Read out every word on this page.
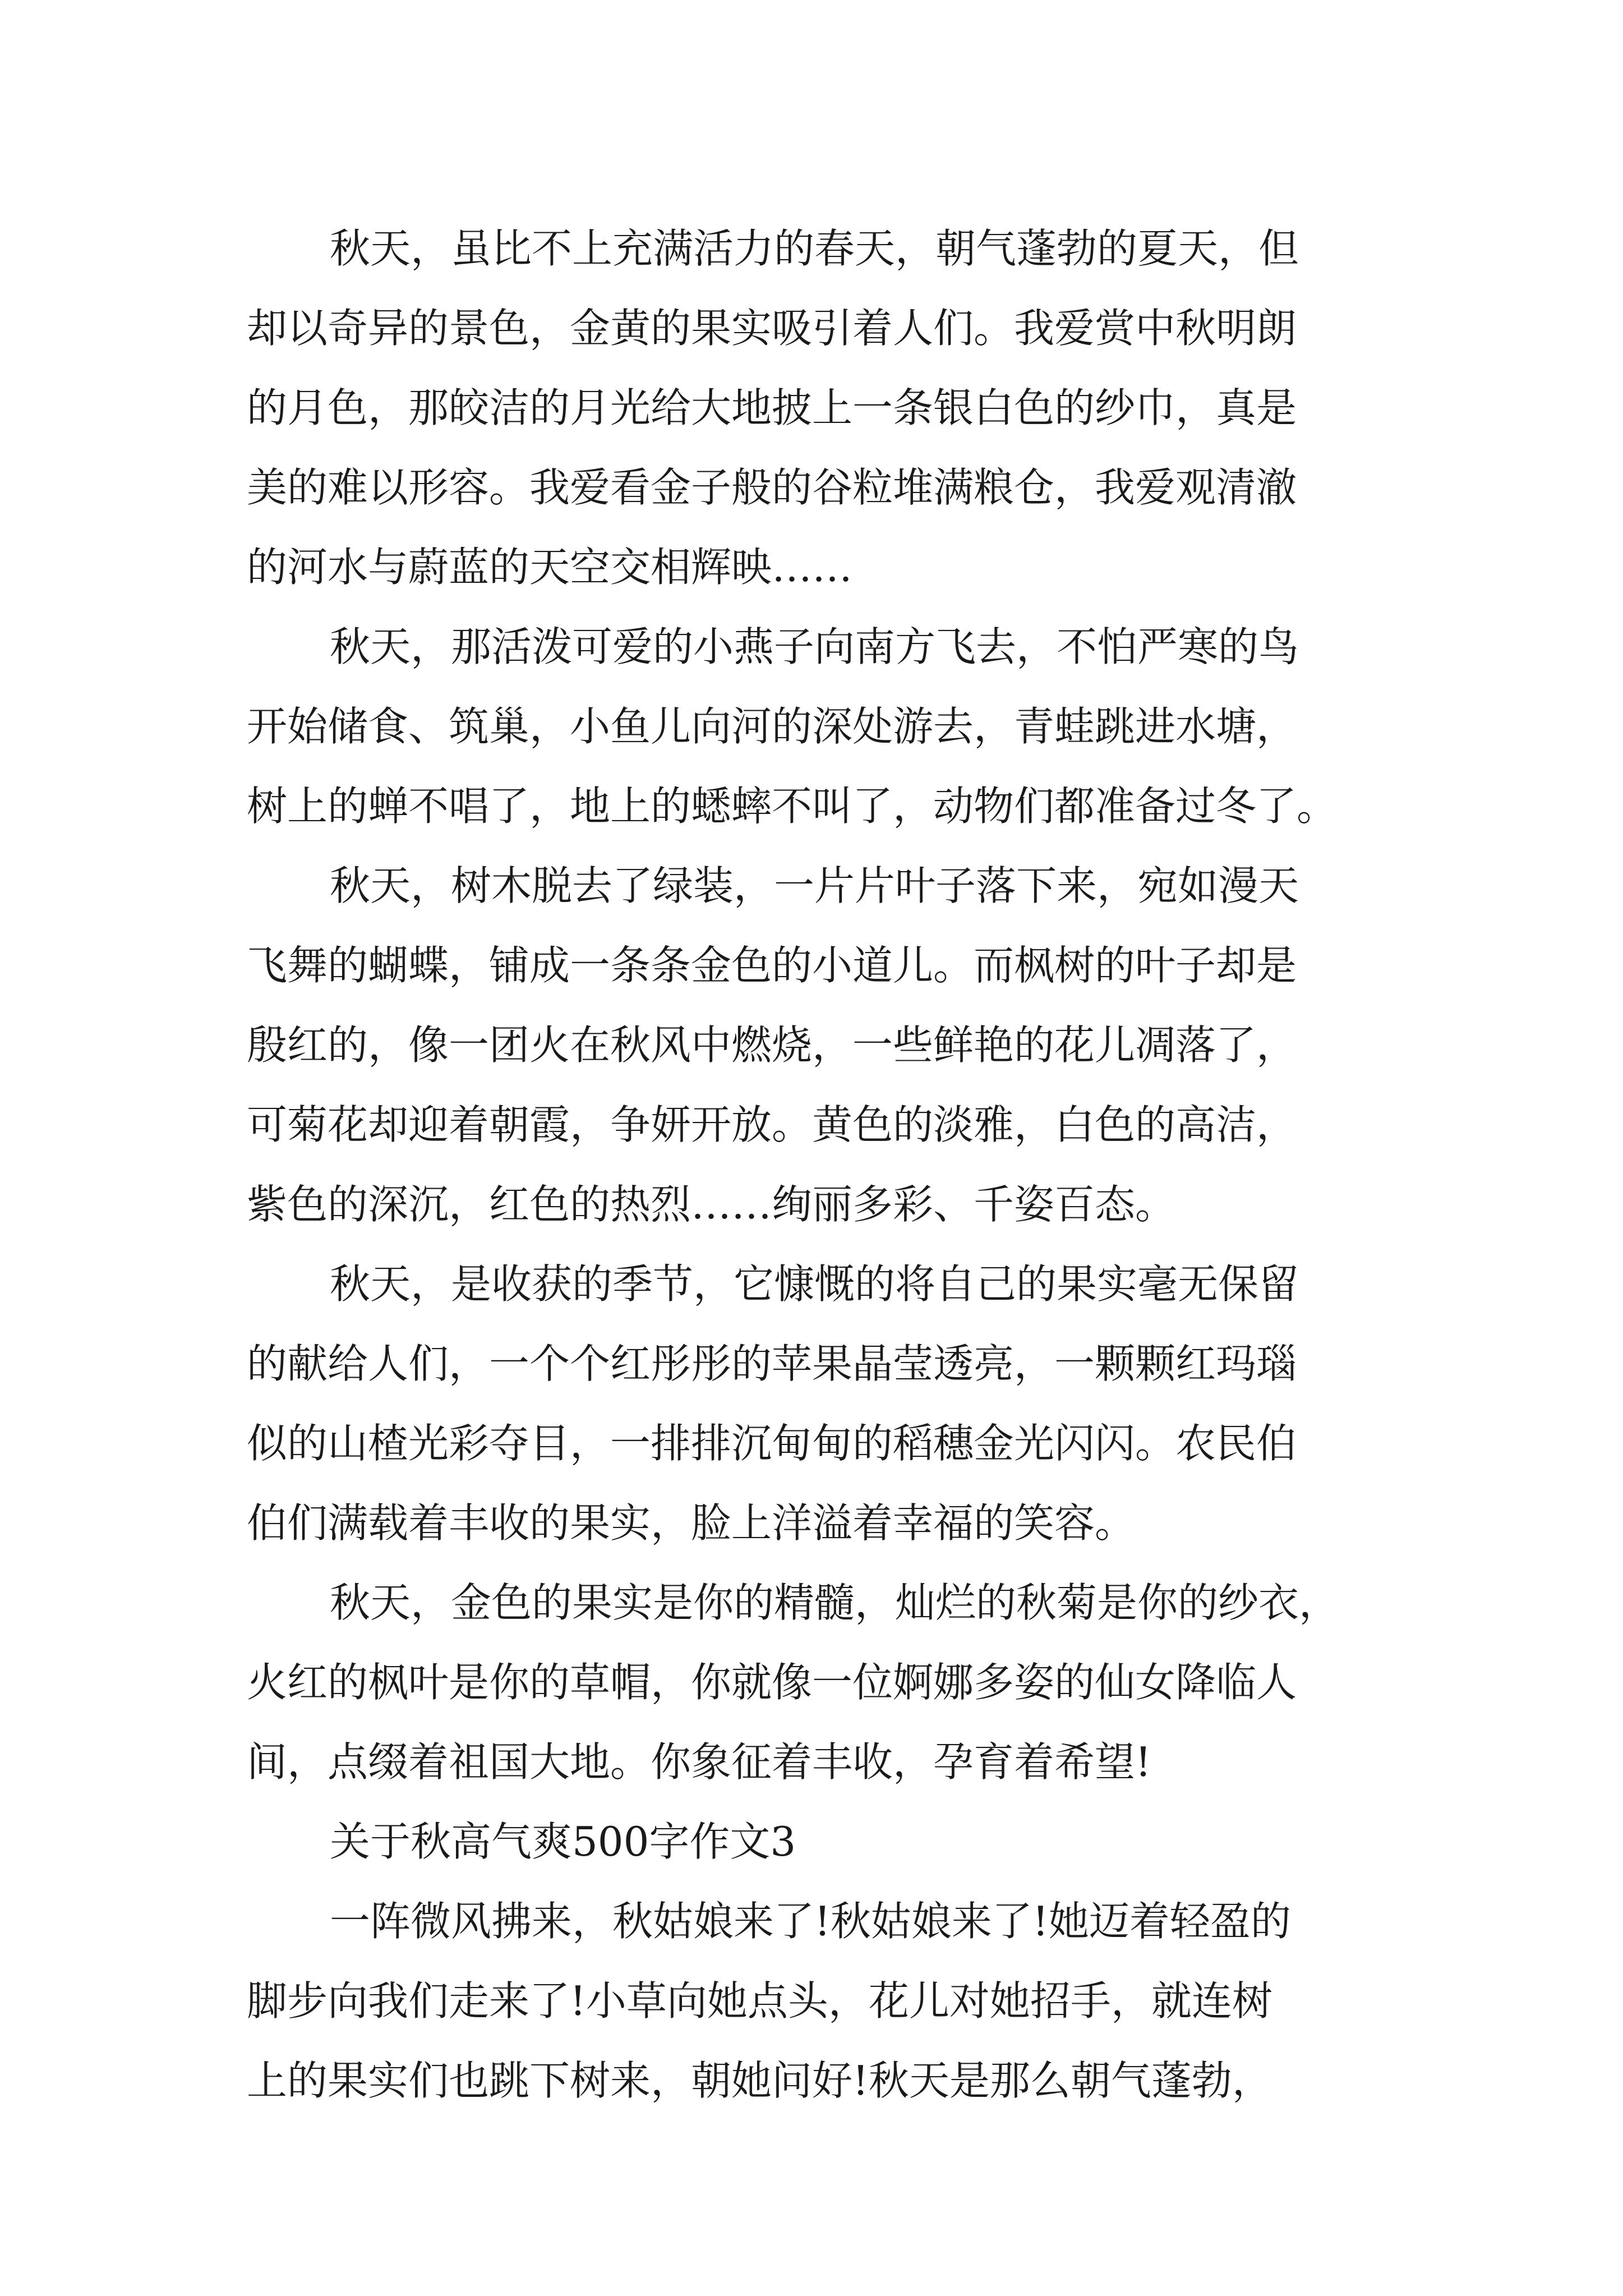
秋天，虽比不上充满活力的春天，朝气蓬勃的夏天，但

却以奇异的景色，金黄的果实吸引着人们。我爱赏中秋明朗

的月色，那皎洁的月光给大地披上一条银白色的纱巾，真是

美的难以形容。我爱看金子般的谷粒堆满粮仓，我爱观清澈

的河水与蔚蓝的天空交相辉映……

秋天，那活泼可爱的小燕子向南方飞去，不怕严寒的鸟

开始储食、筑巢，小鱼儿向河的深处游去，青蛙跳进水塘，

树上的蝉不唱了，地上的蟋蟀不叫了，动物们都准备过冬了。

秋天，树木脱去了绿装，一片片叶子落下来，宛如漫天

飞舞的蝴蝶，铺成一条条金色的小道儿。而枫树的叶子却是

殷红的，像一团火在秋风中燃烧，一些鲜艳的花儿凋落了，

可菊花却迎着朝霞，争妍开放。黄色的淡雅，白色的高洁，

紫色的深沉，红色的热烈……绚丽多彩、千姿百态。

秋天，是收获的季节，它慷慨的将自己的果实毫无保留

的献给人们，一个个红彤彤的苹果晶莹透亮，一颗颗红玛瑙

似的山楂光彩夺目，一排排沉甸甸的稻穗金光闪闪。农民伯

伯们满载着丰收的果实，脸上洋溢着幸福的笑容。

秋天，金色的果实是你的精髓，灿烂的秋菊是你的纱衣，

火红的枫叶是你的草帽，你就像一位婀娜多姿的仙女降临人

间，点缀着祖国大地。你象征着丰收，孕育着希望!

关于秋高气爽500字作文3

一阵微风拂来，秋姑娘来了!秋姑娘来了!她迈着轻盈的

脚步向我们走来了!小草向她点头，花儿对她招手，就连树

上的果实们也跳下树来，朝她问好!秋天是那么朝气蓬勃，
